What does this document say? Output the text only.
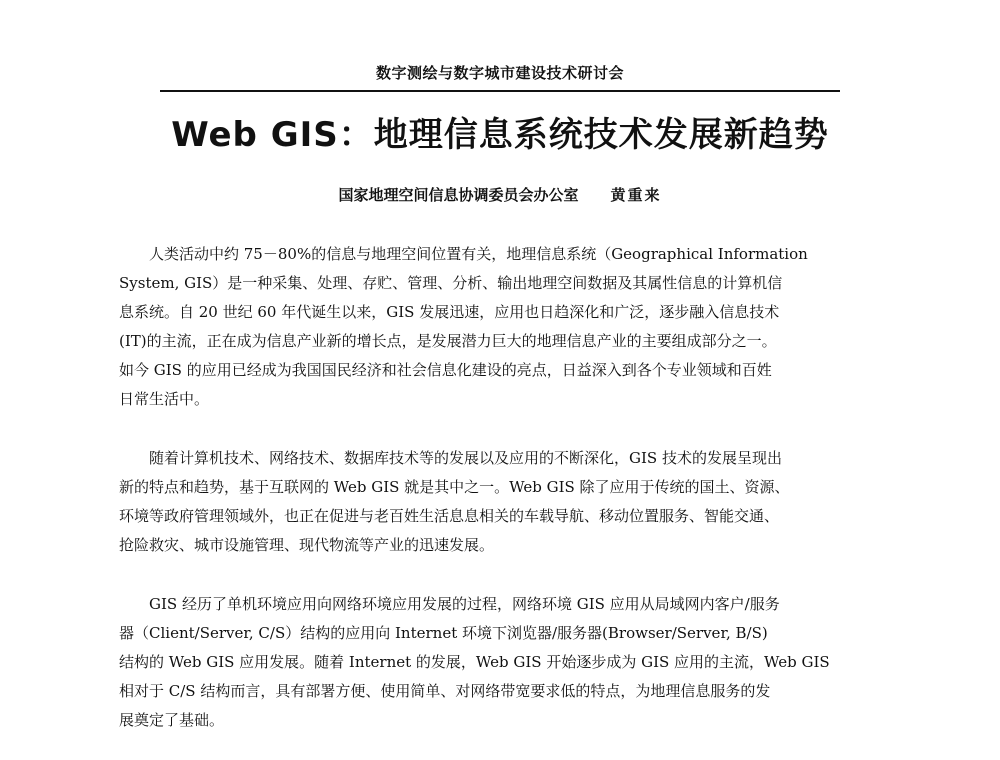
数字测绘与数字城市建设技术研讨会
Web GIS：地理信息系统技术发展新趋势
国家地理空间信息协调委员会办公室 黄重来
人类活动中约 75－80%的信息与地理空间位置有关，地理信息系统（Geographical Information
System, GIS）是一种采集、处理、存贮、管理、分析、输出地理空间数据及其属性信息的计算机信
息系统。自 20 世纪 60 年代诞生以来，GIS 发展迅速，应用也日趋深化和广泛，逐步融入信息技术
(IT)的主流，正在成为信息产业新的增长点，是发展潜力巨大的地理信息产业的主要组成部分之一。
如今 GIS 的应用已经成为我国国民经济和社会信息化建设的亮点，日益深入到各个专业领域和百姓
日常生活中。
随着计算机技术、网络技术、数据库技术等的发展以及应用的不断深化，GIS 技术的发展呈现出
新的特点和趋势，基于互联网的 Web GIS 就是其中之一。Web GIS 除了应用于传统的国土、资源、
环境等政府管理领域外，也正在促进与老百姓生活息息相关的车载导航、移动位置服务、智能交通、
抢险救灾、城市设施管理、现代物流等产业的迅速发展。
GIS 经历了单机环境应用向网络环境应用发展的过程，网络环境 GIS 应用从局域网内客户/服务
器（Client/Server, C/S）结构的应用向 Internet 环境下浏览器/服务器(Browser/Server, B/S)
结构的 Web GIS 应用发展。随着 Internet 的发展，Web GIS 开始逐步成为 GIS 应用的主流，Web GIS
相对于 C/S 结构而言，具有部署方便、使用简单、对网络带宽要求低的特点，为地理信息服务的发
展奠定了基础。
